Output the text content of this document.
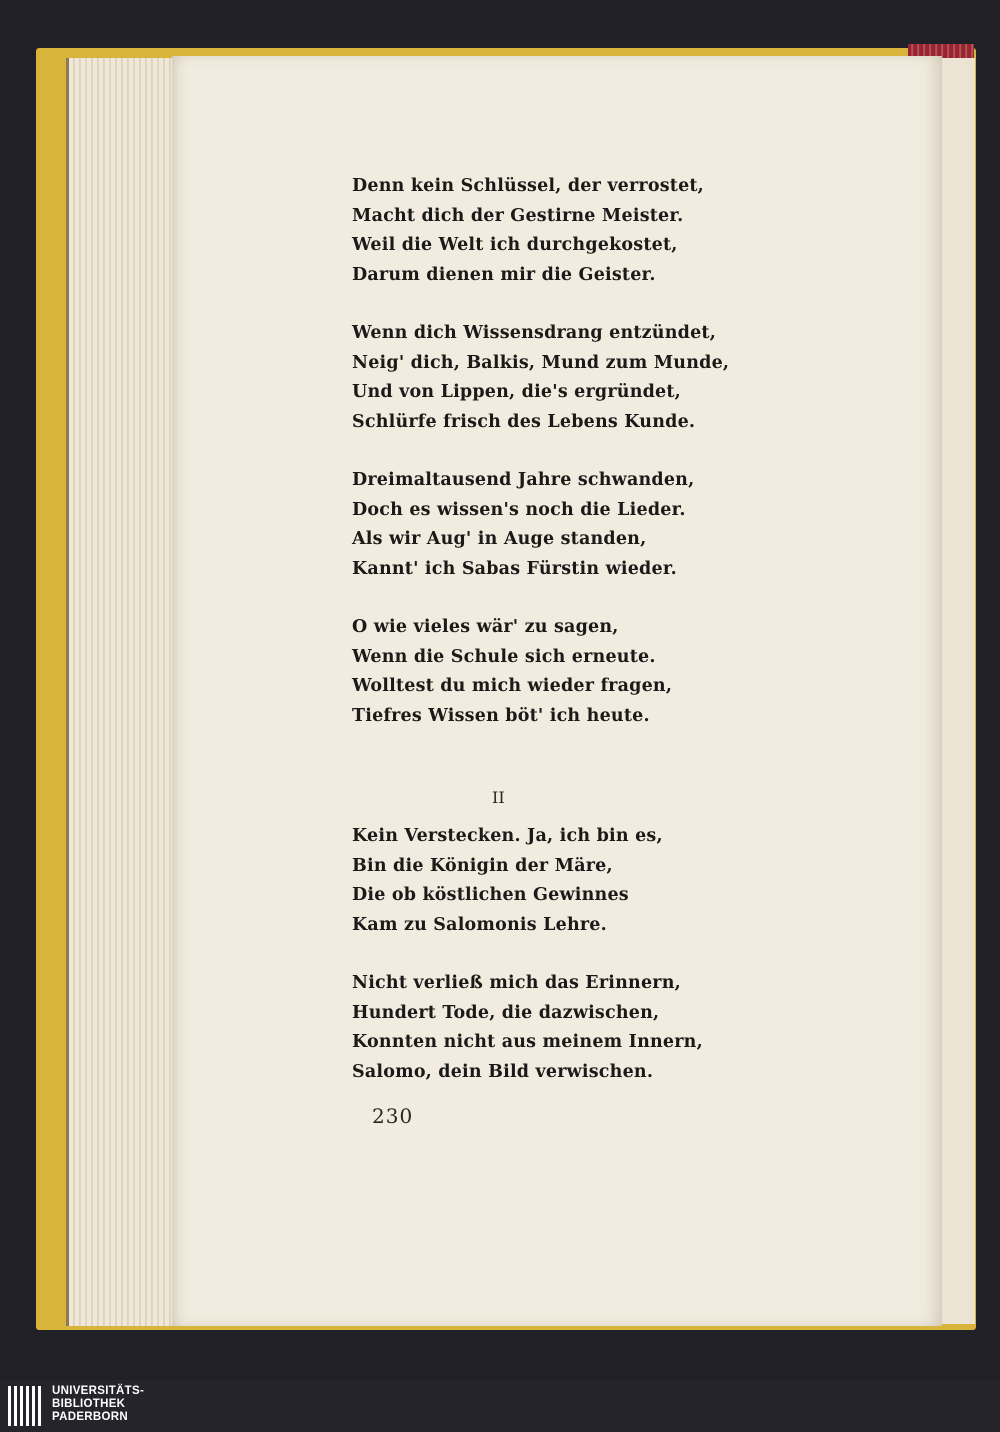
Denn kein Schlüssel, der verrostet,
Macht dich der Gestirne Meister.
Weil die Welt ich durchgekostet,
Darum dienen mir die Geister.
Wenn dich Wissensdrang entzündet,
Neig' dich, Balkis, Mund zum Munde,
Und von Lippen, die's ergründet,
Schlürfe frisch des Lebens Kunde.
Dreimaltausend Jahre schwanden,
Doch es wissen's noch die Lieder.
Als wir Aug' in Auge standen,
Kannt' ich Sabas Fürstin wieder.
O wie vieles wär' zu sagen,
Wenn die Schule sich erneute.
Wolltest du mich wieder fragen,
Tiefres Wissen böt' ich heute.
II
Kein Verstecken. Ja, ich bin es,
Bin die Königin der Märe,
Die ob köstlichen Gewinnes
Kam zu Salomonis Lehre.
Nicht verließ mich das Erinnern,
Hundert Tode, die dazwischen,
Konnten nicht aus meinem Innern,
Salomo, dein Bild verwischen.
230
UNIVERSITÄTS-
BIBLIOTHEK
PADERBORN
